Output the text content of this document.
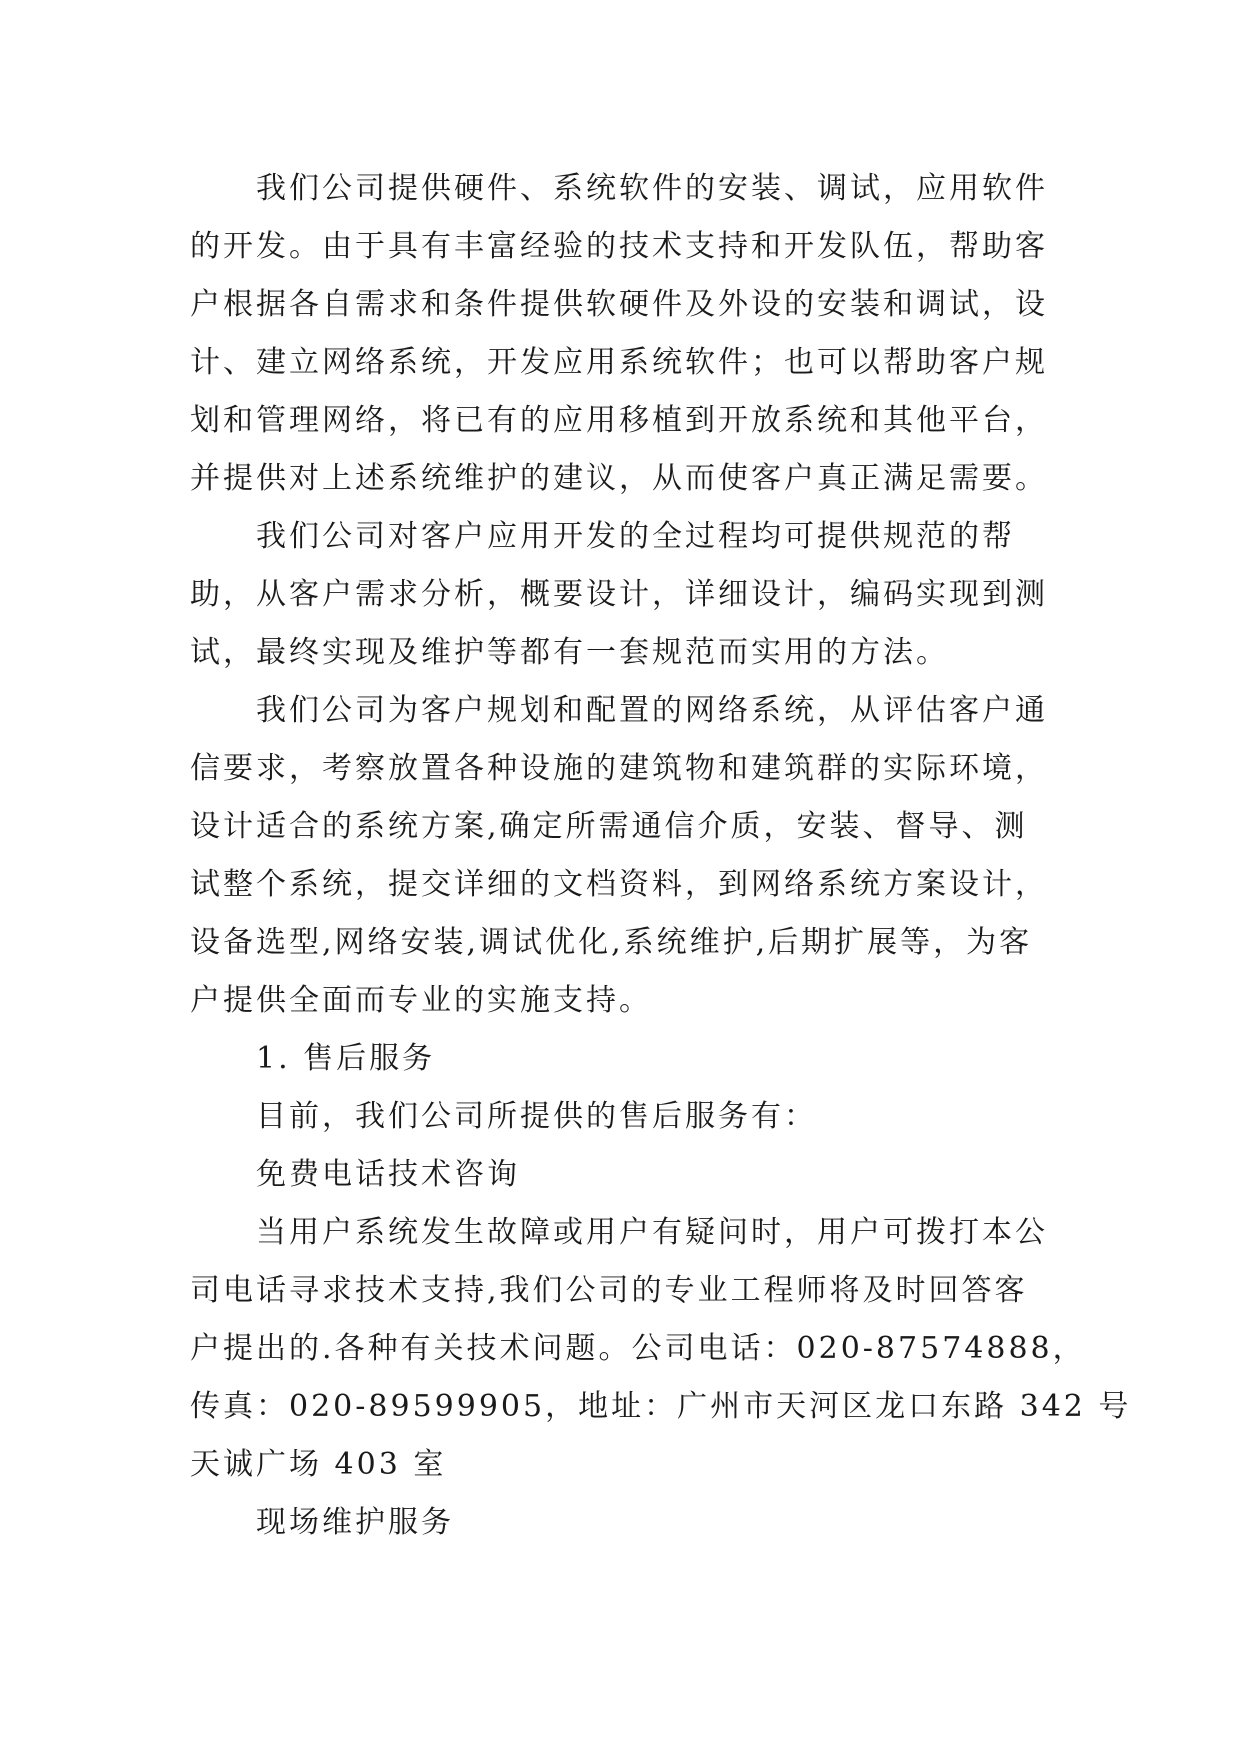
我们公司提供硬件、系统软件的安装、调试，应用软件
的开发。由于具有丰富经验的技术支持和开发队伍，帮助客
户根据各自需求和条件提供软硬件及外设的安装和调试，设
计、建立网络系统，开发应用系统软件；也可以帮助客户规
划和管理网络，将已有的应用移植到开放系统和其他平台，
并提供对上述系统维护的建议，从而使客户真正满足需要。
我们公司对客户应用开发的全过程均可提供规范的帮
助，从客户需求分析，概要设计，详细设计，编码实现到测
试，最终实现及维护等都有一套规范而实用的方法。
我们公司为客户规划和配置的网络系统，从评估客户通
信要求，考察放置各种设施的建筑物和建筑群的实际环境，
设计适合的系统方案,确定所需通信介质，安装、督导、测
试整个系统，提交详细的文档资料，到网络系统方案设计，
设备选型,网络安装,调试优化,系统维护,后期扩展等，为客
户提供全面而专业的实施支持。
1. 售后服务
目前，我们公司所提供的售后服务有：
免费电话技术咨询
当用户系统发生故障或用户有疑问时，用户可拨打本公
司电话寻求技术支持,我们公司的专业工程师将及时回答客
户提出的.各种有关技术问题。公司电话：020-87574888，
传真：020-89599905，地址：广州市天河区龙口东路 342 号
天诚广场 403 室
现场维护服务
